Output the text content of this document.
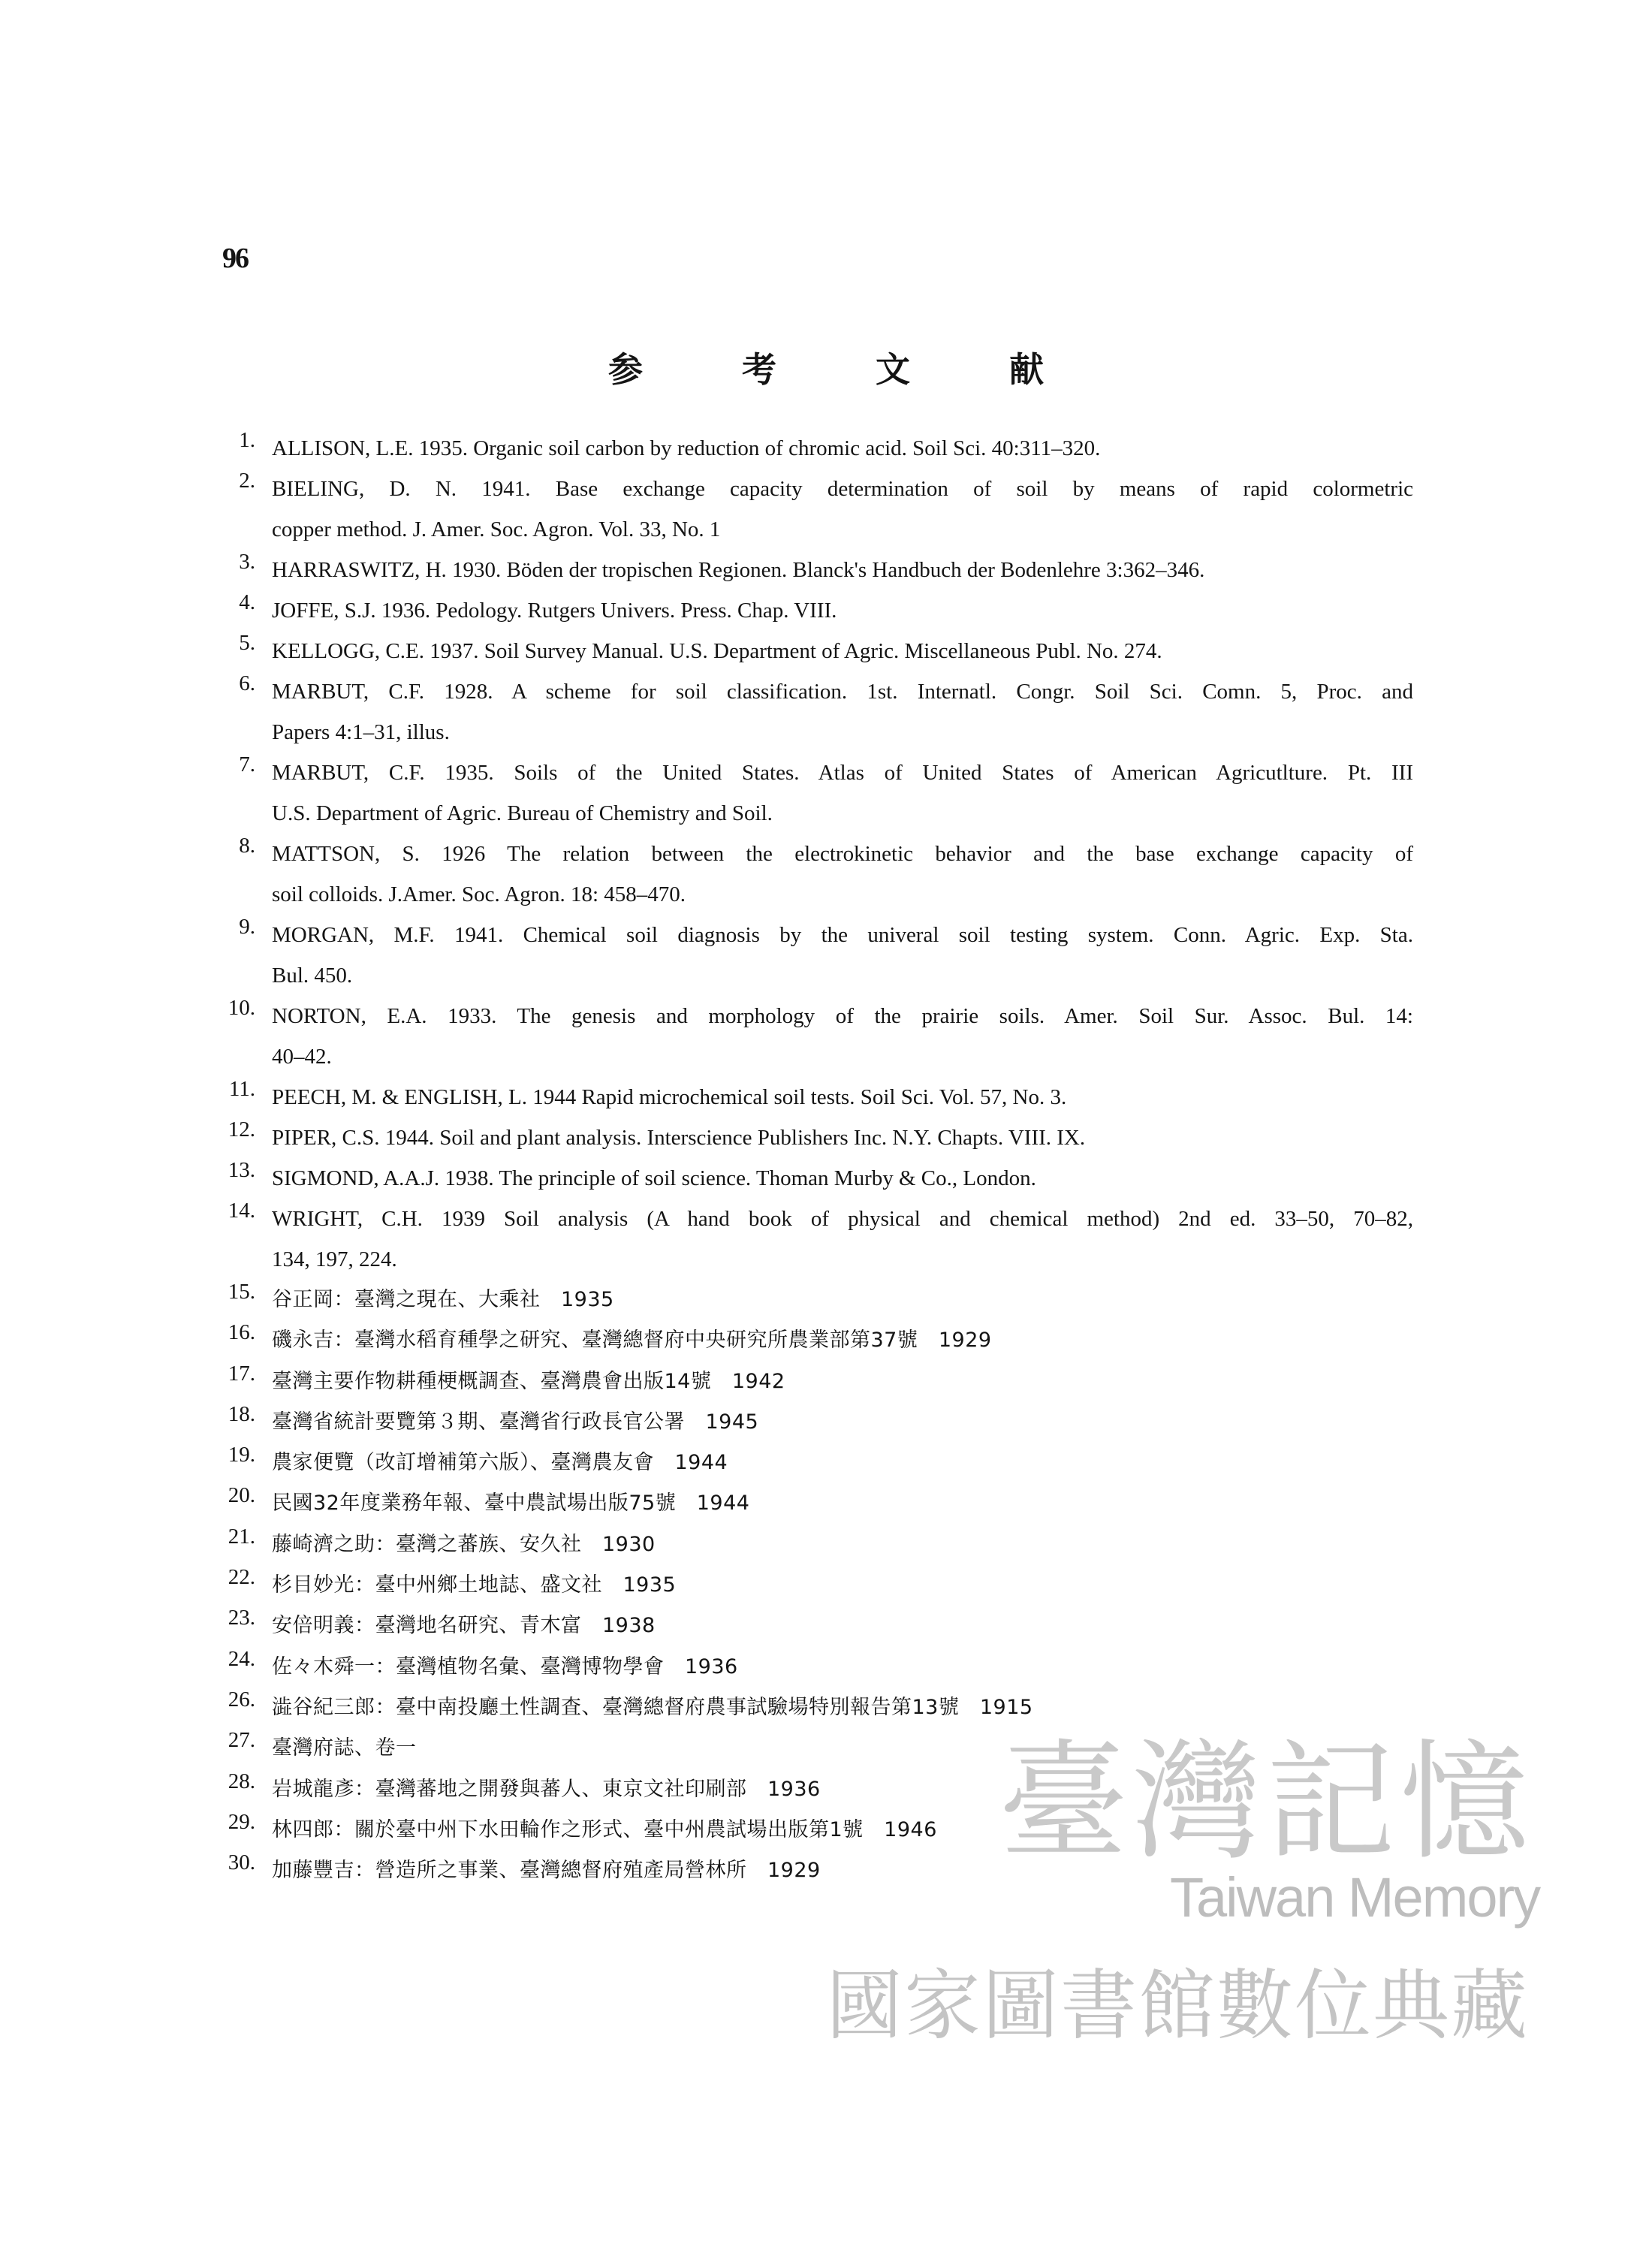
96
参 考 文 献
1. ALLISON, L.E. 1935. Organic soil carbon by reduction of chromic acid. Soil Sci. 40:311–320.
2. BIELING, D. N. 1941. Base exchange capacity determination of soil by means of rapid colormetric
copper method. J. Amer. Soc. Agron. Vol. 33, No. 1
3. HARRASWITZ, H. 1930. Böden der tropischen Regionen. Blanck's Handbuch der Bodenlehre 3:362–346.
4. JOFFE, S.J. 1936. Pedology. Rutgers Univers. Press. Chap. VIII.
5. KELLOGG, C.E. 1937. Soil Survey Manual. U.S. Department of Agric. Miscellaneous Publ. No. 274.
6. MARBUT, C.F. 1928. A scheme for soil classification. 1st. Internatl. Congr. Soil Sci. Comn. 5, Proc. and
Papers 4:1–31, illus.
7. MARBUT, C.F. 1935. Soils of the United States. Atlas of United States of American Agricutlture. Pt. III
U.S. Department of Agric. Bureau of Chemistry and Soil.
8. MATTSON, S. 1926 The relation between the electrokinetic behavior and the base exchange capacity of
soil colloids. J.Amer. Soc. Agron. 18: 458–470.
9. MORGAN, M.F. 1941. Chemical soil diagnosis by the univeral soil testing system. Conn. Agric. Exp. Sta.
Bul. 450.
10. NORTON, E.A. 1933. The genesis and morphology of the prairie soils. Amer. Soil Sur. Assoc. Bul. 14:
40–42.
11. PEECH, M. & ENGLISH, L. 1944 Rapid microchemical soil tests. Soil Sci. Vol. 57, No. 3.
12. PIPER, C.S. 1944. Soil and plant analysis. Interscience Publishers Inc. N.Y. Chapts. VIII. IX.
13. SIGMOND, A.A.J. 1938. The principle of soil science. Thoman Murby & Co., London.
14. WRIGHT, C.H. 1939 Soil analysis (A hand book of physical and chemical method) 2nd ed. 33–50, 70–82,
134, 197, 224.
15. 谷正岡：臺灣之現在、大乘社　1935
16. 磯永吉：臺灣水稻育種學之研究、臺灣總督府中央研究所農業部第37號　1929
17. 臺灣主要作物耕種梗概調查、臺灣農會出版14號　1942
18. 臺灣省統計要覽第３期、臺灣省行政長官公署　1945
19. 農家便覽（改訂增補第六版）、臺灣農友會　1944
20. 民國32年度業務年報、臺中農試場出版75號　1944
21. 藤崎濟之助：臺灣之蕃族、安久社　1930
22. 杉目妙光：臺中州鄉土地誌、盛文社　1935
23. 安倍明義：臺灣地名研究、青木富　1938
24. 佐々木舜一：臺灣植物名彙、臺灣博物學會　1936
26. 澁谷紀三郎：臺中南投廳土性調査、臺灣總督府農事試驗場特別報告第13號　1915
27. 臺灣府誌、卷一
28. 岩城龍彥：臺灣蕃地之開發與蕃人、東京文社印刷部　1936
29. 林四郎：關於臺中州下水田輪作之形式、臺中州農試場出版第1號　1946
30. 加藤豐吉：營造所之事業、臺灣總督府殖產局營林所　1929	臺灣記憶
Taiwan Memory
國家圖書館數位典藏
